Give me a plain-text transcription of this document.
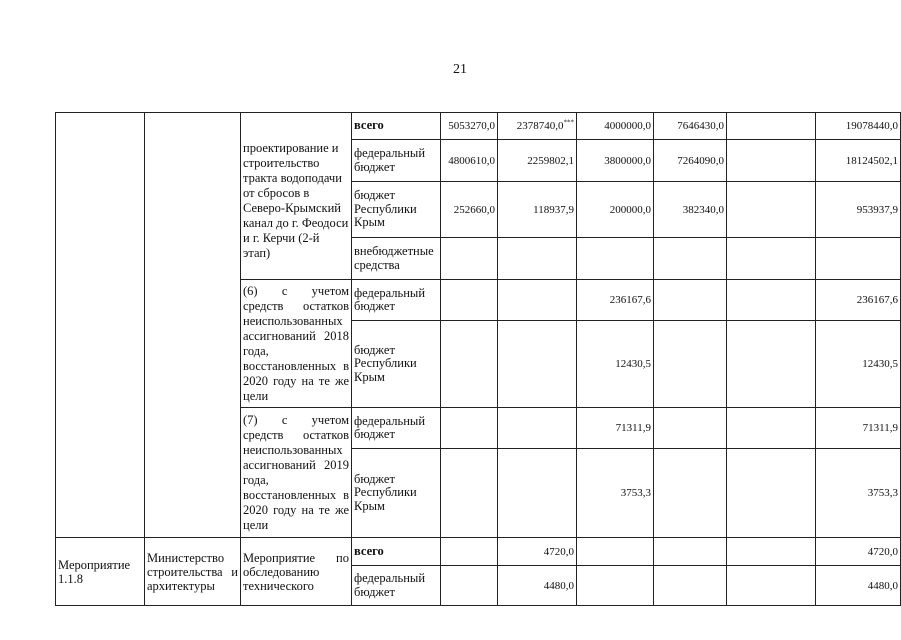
21
		проектирование и строительство тракта водоподачи от сбросов в Северо-Крымский канал до г. Феодоси и г. Керчи (2-й этап)	всего	5053270,0	2378740,0***	4000000,0	7646430,0		19078440,0
			федеральный бюджет	4800610,0	2259802,1	3800000,0	7264090,0		18124502,1
			бюджет Республики Крым	252660,0	118937,9	200000,0	382340,0		953937,9
			внебюджетные средства						
		(6) с учетом средств остатков неиспользованных ассигнований 2018 года, восстановленных в 2020 году на те же цели	федеральный бюджет			236167,6			236167,6
			бюджет Республики Крым			12430,5			12430,5
		(7) с учетом средств остатков неиспользованных ассигнований 2019 года, восстановленных в 2020 году на те же цели	федеральный бюджет			71311,9			71311,9
			бюджет Республики Крым			3753,3			3753,3
Мероприятие 1.1.8	Министерство строительства и архитектуры	Мероприятие по обследованию технического	всего		4720,0				4720,0
			федеральный бюджет		4480,0				4480,0
